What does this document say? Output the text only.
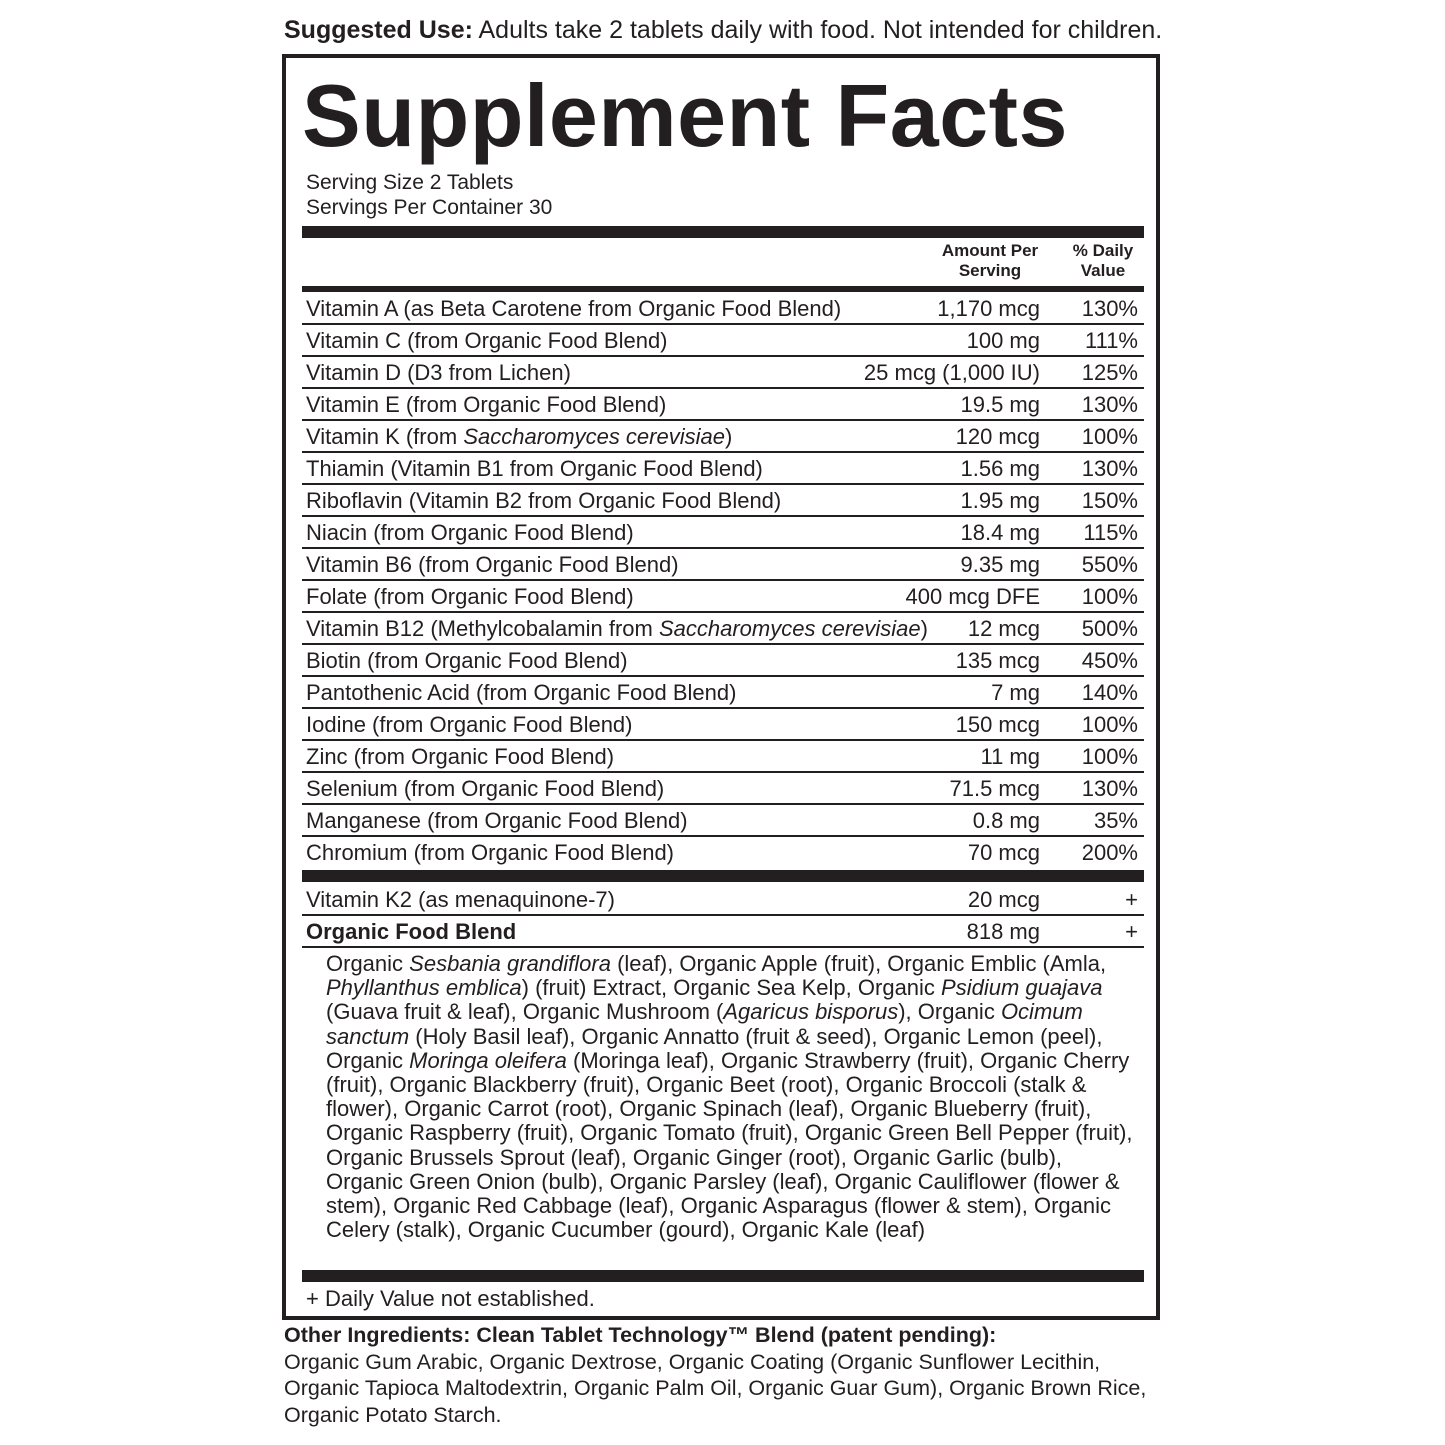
Suggested Use: Adults take 2 tablets daily with food. Not intended for children.
Supplement Facts
Serving Size 2 Tablets
Servings Per Container 30
Amount Per
Serving
% Daily
Value
Vitamin A (as Beta Carotene from Organic Food Blend)	1,170 mcg 130%
Vitamin C (from Organic Food Blend)	100 mg 111%
Vitamin D (D3 from Lichen)	25 mcg (1,000 IU) 125%
Vitamin E (from Organic Food Blend)	19.5 mg 130%
Vitamin K (from Saccharomyces cerevisiae)	120 mcg 100%
Thiamin (Vitamin B1 from Organic Food Blend)	1.56 mg 130%
Riboflavin (Vitamin B2 from Organic Food Blend)	1.95 mg 150%
Niacin (from Organic Food Blend)	18.4 mg 115%
Vitamin B6 (from Organic Food Blend)	9.35 mg 550%
Folate (from Organic Food Blend)	400 mcg DFE 100%
Vitamin B12 (Methylcobalamin from Saccharomyces cerevisiae) 12 mcg 500%
Biotin (from Organic Food Blend)	135 mcg 450%
Pantothenic Acid (from Organic Food Blend)	7 mg 140%
Iodine (from Organic Food Blend)	150 mcg 100%
Zinc (from Organic Food Blend)	11 mg 100%
Selenium (from Organic Food Blend)	71.5 mcg 130%
Manganese (from Organic Food Blend)	0.8 mg 35%
Chromium (from Organic Food Blend)	70 mcg 200%
Vitamin K2 (as menaquinone-7)	20 mcg	+
Organic Food Blend	818 mg	+
Organic Sesbania grandiflora (leaf), Organic Apple (fruit), Organic Emblic (Amla, Phyllanthus emblica) (fruit) Extract, Organic Sea Kelp, Organic Psidium guajava (Guava fruit & leaf), Organic Mushroom (Agaricus bisporus), Organic Ocimum sanctum (Holy Basil leaf), Organic Annatto (fruit & seed), Organic Lemon (peel), Organic Moringa oleifera (Moringa leaf), Organic Strawberry (fruit), Organic Cherry (fruit), Organic Blackberry (fruit), Organic Beet (root), Organic Broccoli (stalk & flower), Organic Carrot (root), Organic Spinach (leaf), Organic Blueberry (fruit), Organic Raspberry (fruit), Organic Tomato (fruit), Organic Green Bell Pepper (fruit), Organic Brussels Sprout (leaf), Organic Ginger (root), Organic Garlic (bulb), Organic Green Onion (bulb), Organic Parsley (leaf), Organic Cauliflower (flower & stem), Organic Red Cabbage (leaf), Organic Asparagus (flower & stem), Organic Celery (stalk), Organic Cucumber (gourd), Organic Kale (leaf)
+ Daily Value not established.
Other Ingredients: Clean Tablet Technology™ Blend (patent pending):
Organic Gum Arabic, Organic Dextrose, Organic Coating (Organic Sunflower Lecithin, Organic Tapioca Maltodextrin, Organic Palm Oil, Organic Guar Gum), Organic Brown Rice, Organic Potato Starch.
